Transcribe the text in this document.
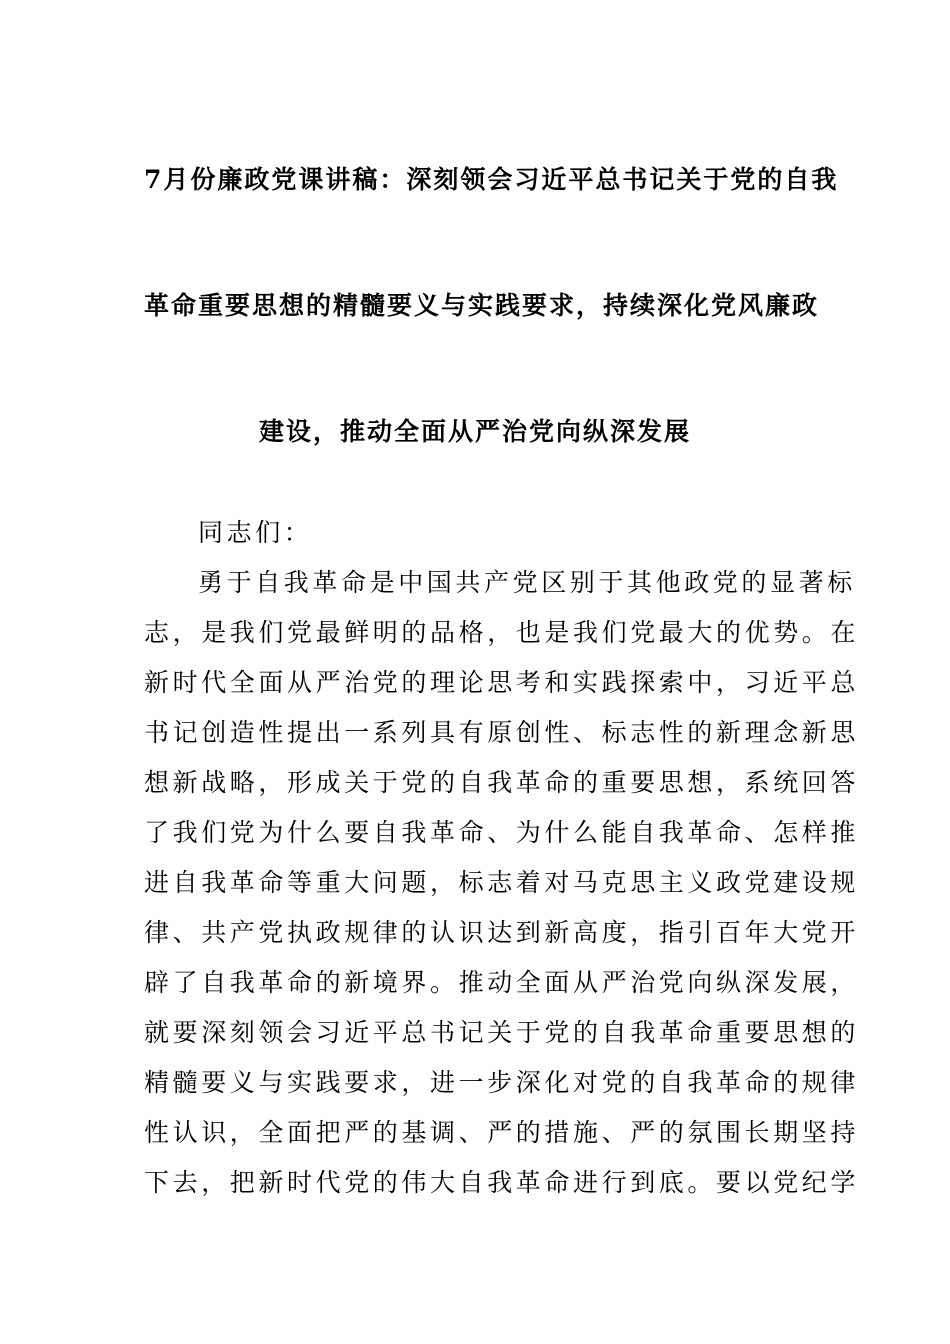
7月份廉政党课讲稿：深刻领会习近平总书记关于党的自我
革命重要思想的精髓要义与实践要求，持续深化党风廉政
建设，推动全面从严治党向纵深发展

同志们：

勇于自我革命是中国共产党区别于其他政党的显著标
志，是我们党最鲜明的品格，也是我们党最大的优势。在
新时代全面从严治党的理论思考和实践探索中，习近平总
书记创造性提出一系列具有原创性、标志性的新理念新思
想新战略，形成关于党的自我革命的重要思想，系统回答
了我们党为什么要自我革命、为什么能自我革命、怎样推
进自我革命等重大问题，标志着对马克思主义政党建设规
律、共产党执政规律的认识达到新高度，指引百年大党开
辟了自我革命的新境界。推动全面从严治党向纵深发展，
就要深刻领会习近平总书记关于党的自我革命重要思想的
精髓要义与实践要求，进一步深化对党的自我革命的规律
性认识，全面把严的基调、严的措施、严的氛围长期坚持
下去，把新时代党的伟大自我革命进行到底。要以党纪学
